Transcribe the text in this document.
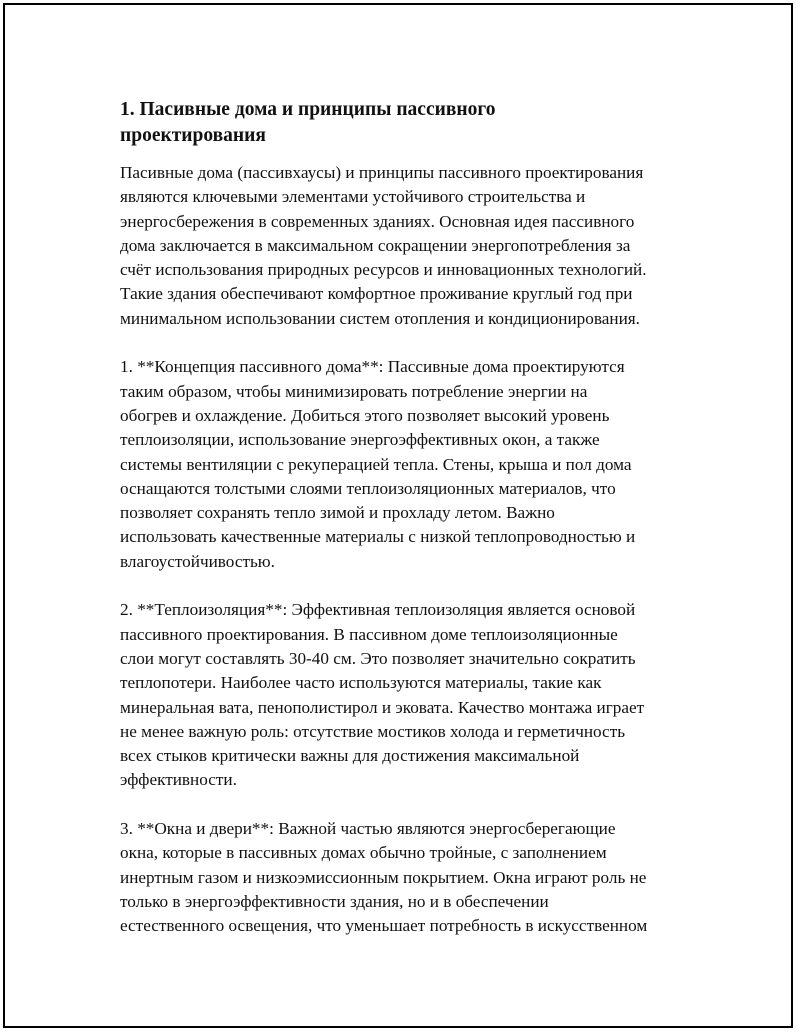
1. Пасивные дома и принципы пассивного
проектирования

Пасивные дома (пассивхаусы) и принципы пассивного проектирования
являются ключевыми элементами устойчивого строительства и
энергосбережения в современных зданиях. Основная идея пассивного
дома заключается в максимальном сокращении энергопотребления за
счёт использования природных ресурсов и инновационных технологий.
Такие здания обеспечивают комфортное проживание круглый год при
минимальном использовании систем отопления и кондиционирования.

1. **Концепция пассивного дома**: Пассивные дома проектируются
таким образом, чтобы минимизировать потребление энергии на
обогрев и охлаждение. Добиться этого позволяет высокий уровень
теплоизоляции, использование энергоэффективных окон, а также
системы вентиляции с рекуперацией тепла. Стены, крыша и пол дома
оснащаются толстыми слоями теплоизоляционных материалов, что
позволяет сохранять тепло зимой и прохладу летом. Важно
использовать качественные материалы с низкой теплопроводностью и
влагоустойчивостью.

2. **Теплоизоляция**: Эффективная теплоизоляция является основой
пассивного проектирования. В пассивном доме теплоизоляционные
слои могут составлять 30-40 см. Это позволяет значительно сократить
теплопотери. Наиболее часто используются материалы, такие как
минеральная вата, пенополистирол и эковата. Качество монтажа играет
не менее важную роль: отсутствие мостиков холода и герметичность
всех стыков критически важны для достижения максимальной
эффективности.

3. **Окна и двери**: Важной частью являются энергосберегающие
окна, которые в пассивных домах обычно тройные, с заполнением
инертным газом и низкоэмиссионным покрытием. Окна играют роль не
только в энергоэффективности здания, но и в обеспечении
естественного освещения, что уменьшает потребность в искусственном
